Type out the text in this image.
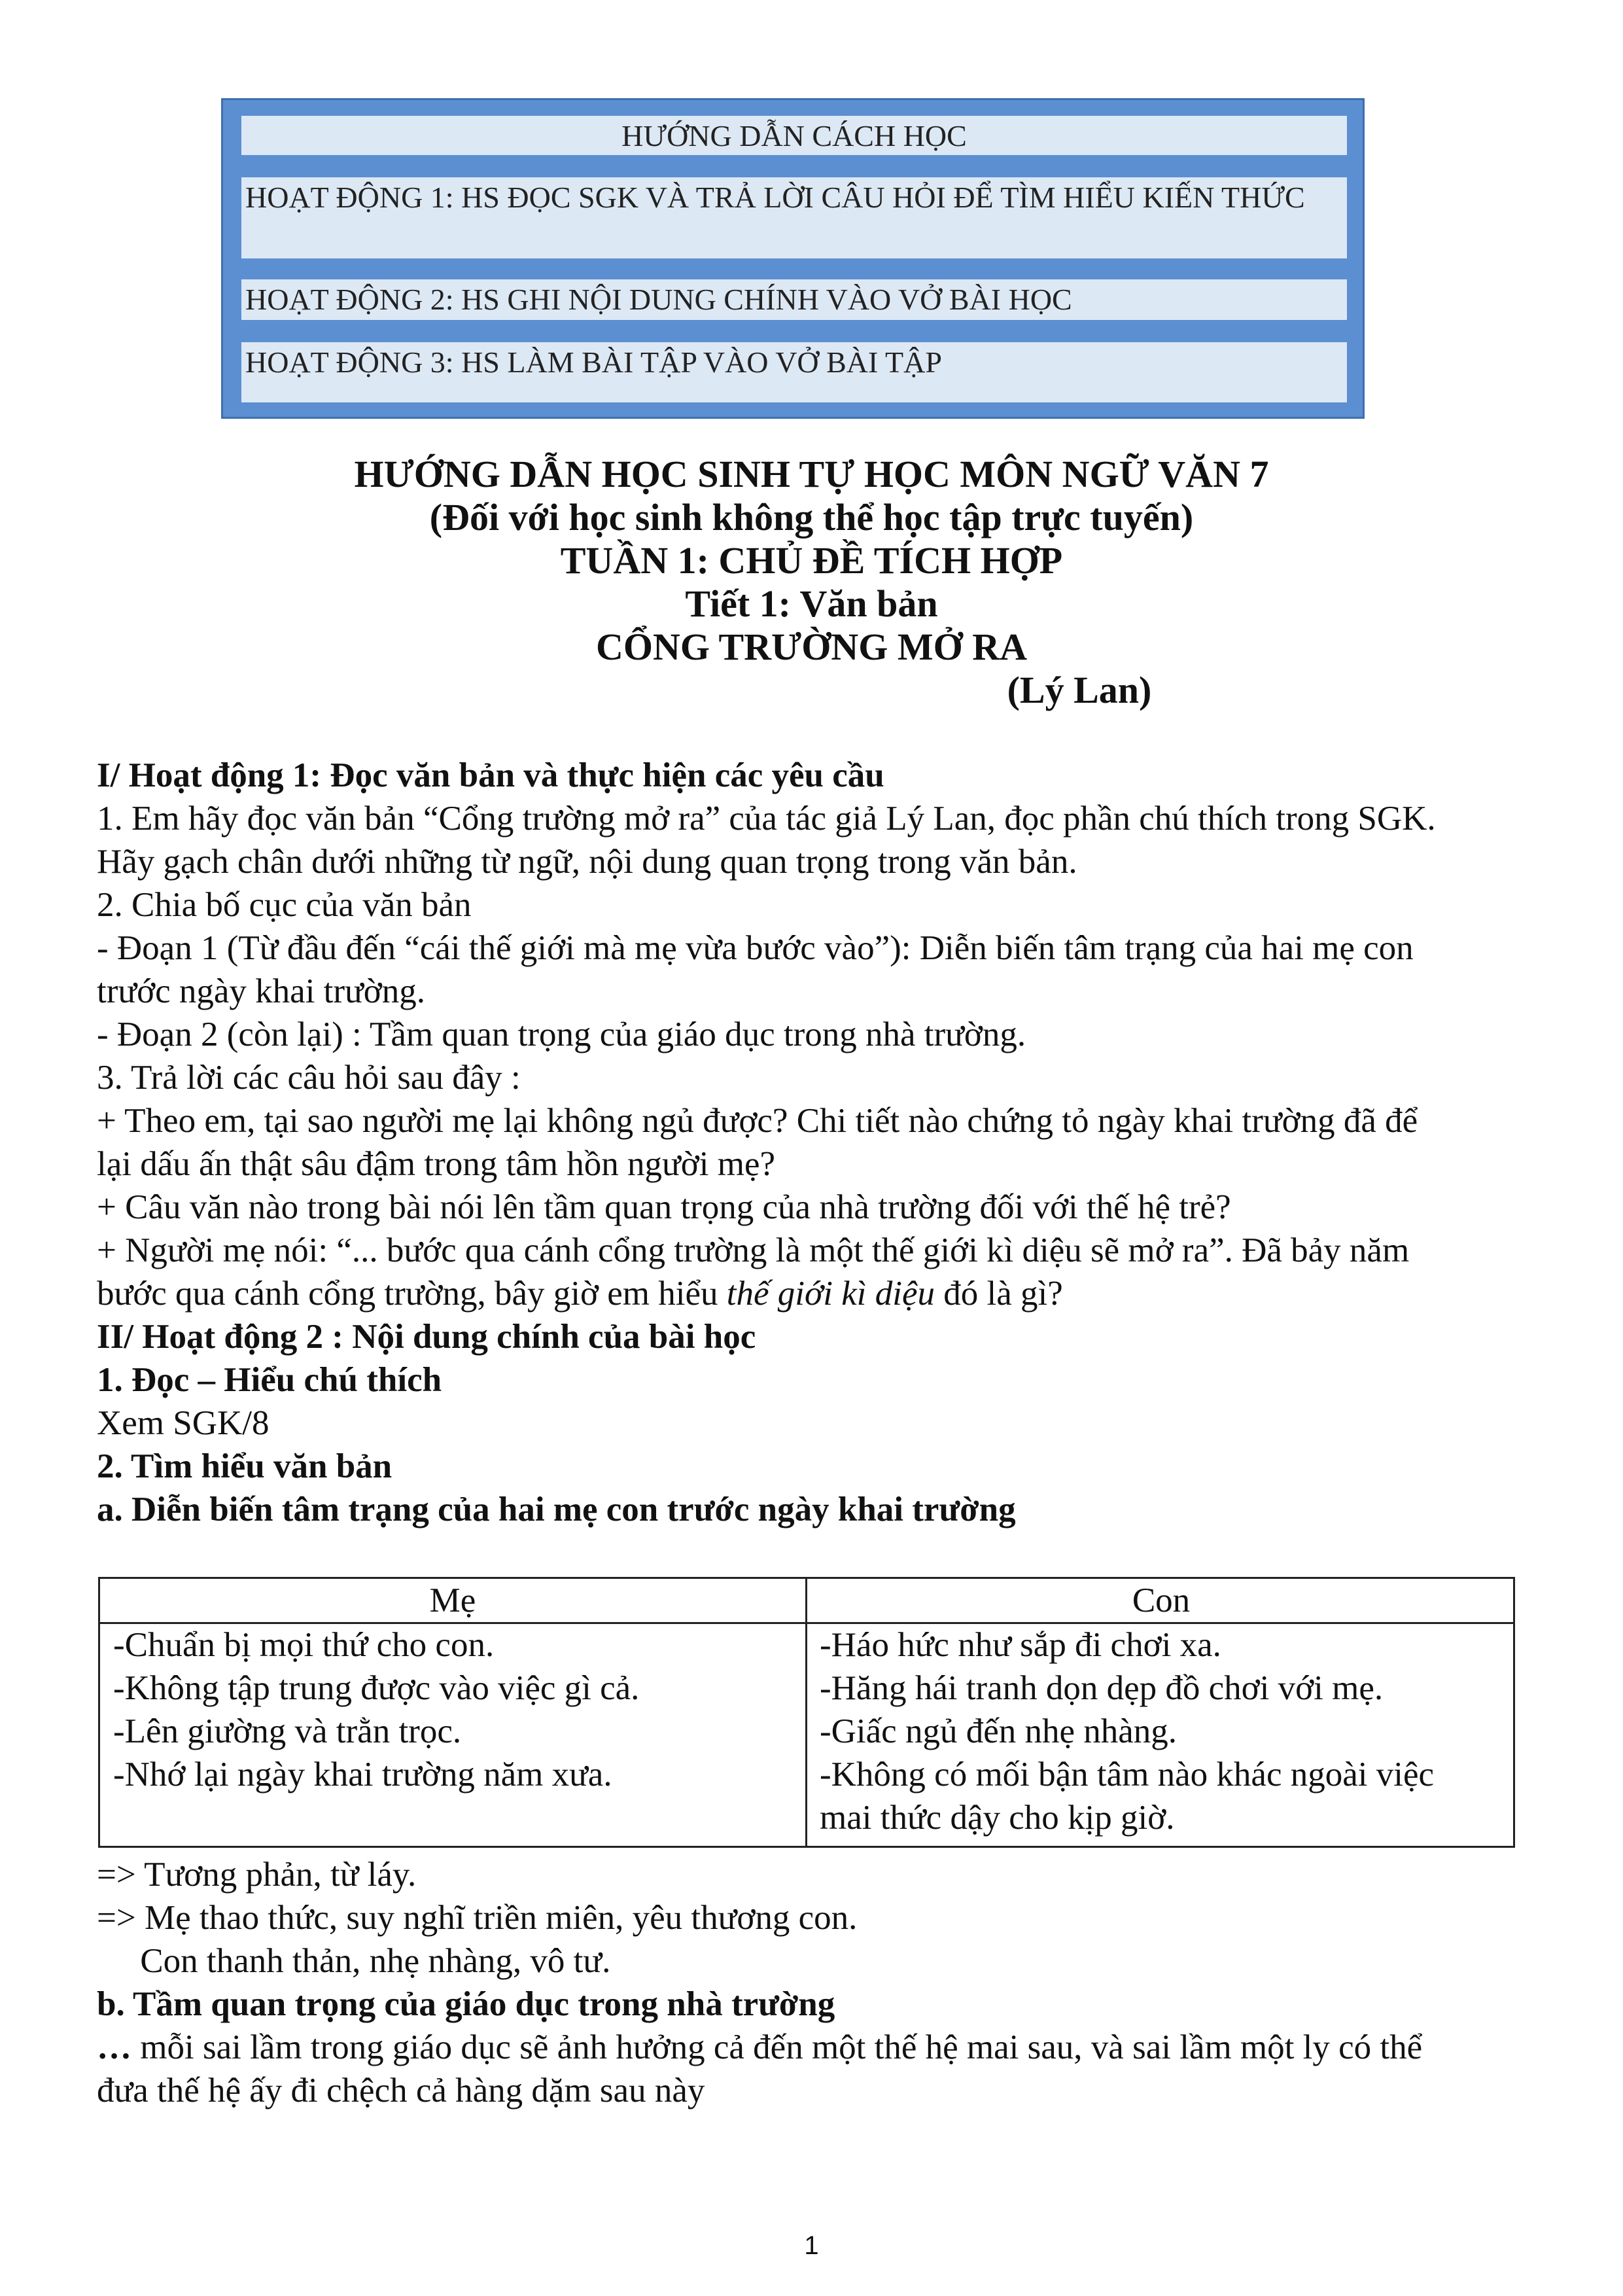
HƯỚNG DẪN CÁCH HỌC
HOẠT ĐỘNG 1: HS ĐỌC SGK VÀ TRẢ LỜI CÂU HỎI ĐỂ TÌM HIỂU KIẾN THỨC
HOẠT ĐỘNG 2: HS GHI NỘI DUNG CHÍNH VÀO VỞ BÀI HỌC
HOẠT ĐỘNG 3: HS LÀM BÀI TẬP VÀO VỞ BÀI TẬP
HƯỚNG DẪN HỌC SINH TỰ HỌC MÔN NGỮ VĂN 7
(Đối với học sinh không thể học tập trực tuyến)
TUẦN 1: CHỦ ĐỀ TÍCH HỢP
Tiết 1: Văn bản
CỔNG TRƯỜNG MỞ RA
(Lý Lan)
I/ Hoạt động 1: Đọc văn bản và thực hiện các yêu cầu
1. Em hãy đọc văn bản “Cổng trường mở ra” của tác giả Lý Lan, đọc phần chú thích trong SGK.
Hãy gạch chân dưới những từ ngữ, nội dung quan trọng trong văn bản.
2. Chia bố cục của văn bản
- Đoạn 1 (Từ đầu đến “cái thế giới mà mẹ vừa bước vào”): Diễn biến tâm trạng của hai mẹ con
trước ngày khai trường.
- Đoạn 2 (còn lại) : Tầm quan trọng của giáo dục trong nhà trường.
3. Trả lời các câu hỏi sau đây :
+ Theo em, tại sao người mẹ lại không ngủ được? Chi tiết nào chứng tỏ ngày khai trường đã để
lại dấu ấn thật sâu đậm trong tâm hồn người mẹ?
+ Câu văn nào trong bài nói lên tầm quan trọng của nhà trường đối với thế hệ trẻ?
+ Người mẹ nói: “... bước qua cánh cổng trường là một thế giới kì diệu sẽ mở ra”. Đã bảy năm
bước qua cánh cổng trường, bây giờ em hiểu thế giới kì diệu đó là gì?
II/ Hoạt động 2 : Nội dung chính của bài học
1. Đọc – Hiểu chú thích
Xem SGK/8
2. Tìm hiểu văn bản
a. Diễn biến tâm trạng của hai mẹ con trước ngày khai trường
Mẹ	Con
-Chuẩn bị mọi thứ cho con.
-Không tập trung được vào việc gì cả.
-Lên giường và trằn trọc.
-Nhớ lại ngày khai trường năm xưa.
-Háo hức như sắp đi chơi xa.
-Hăng hái tranh dọn dẹp đồ chơi với mẹ.
-Giấc ngủ đến nhẹ nhàng.
-Không có mối bận tâm nào khác ngoài việc
mai thức dậy cho kịp giờ.
=> Tương phản, từ láy.
=> Mẹ thao thức, suy nghĩ triền miên, yêu thương con.
Con thanh thản, nhẹ nhàng, vô tư.
b. Tầm quan trọng của giáo dục trong nhà trường
… mỗi sai lầm trong giáo dục sẽ ảnh hưởng cả đến một thế hệ mai sau, và sai lầm một ly có thể
đưa thế hệ ấy đi chệch cả hàng dặm sau này
1
